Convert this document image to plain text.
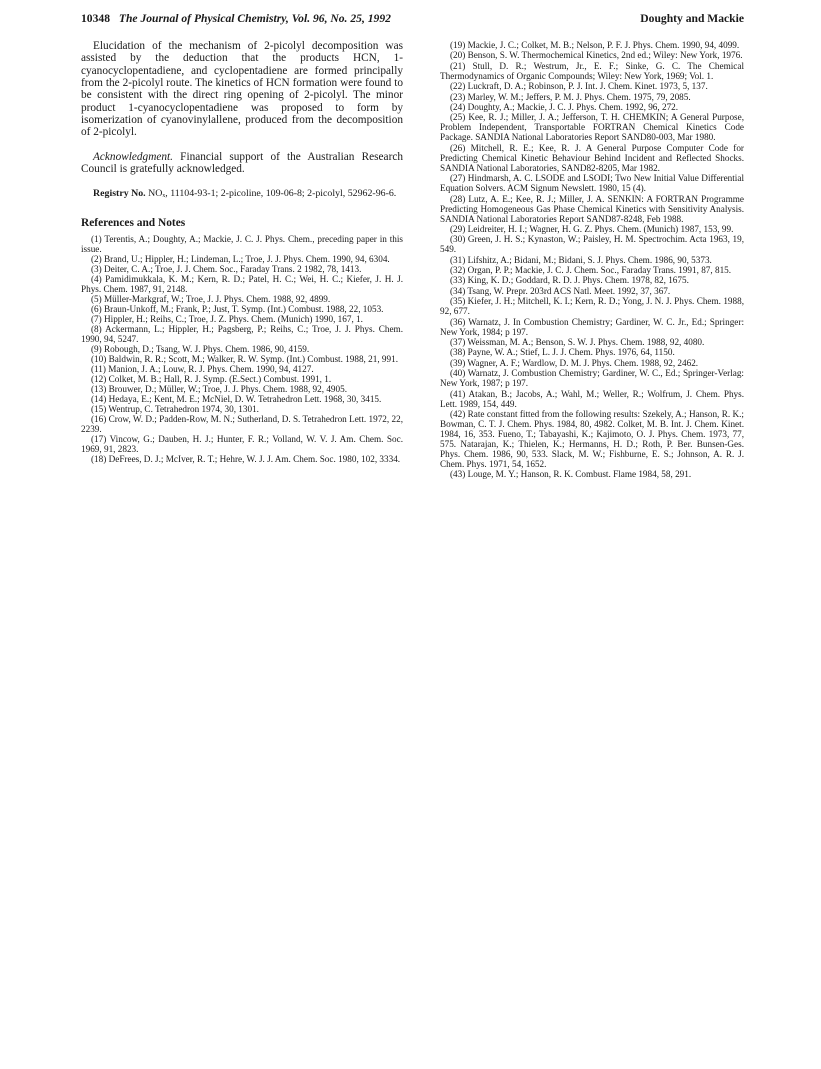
10348 The Journal of Physical Chemistry, Vol. 96, No. 25, 1992	Doughty and Mackie

Elucidation of the mechanism of 2-picolyl decomposition was assisted by the deduction that the products HCN, 1-cyanocyclopentadiene, and cyclopentadiene are formed principally from the 2-picolyl route. The kinetics of HCN formation were found to be consistent with the direct ring opening of 2-picolyl. The minor product 1-cyanocyclopentadiene was proposed to form by isomerization of cyanovinylallene, produced from the decomposition of 2-picolyl.

Acknowledgment. Financial support of the Australian Research Council is gratefully acknowledged.

Registry No. NOₓ, 11104-93-1; 2-picoline, 109-06-8; 2-picolyl, 52962-96-6.

References and Notes
(1) Terentis, A.; Doughty, A.; Mackie, J. C. J. Phys. Chem., preceding paper in this issue.
(2) Brand, U.; Hippler, H.; Lindeman, L.; Troe, J. J. Phys. Chem. 1990, 94, 6304.
(3) Deiter, C. A.; Troe, J. J. Chem. Soc., Faraday Trans. 2 1982, 78, 1413.
(4) Pamidimukkala, K. M.; Kern, R. D.; Patel, H. C.; Wei, H. C.; Kiefer, J. H. J. Phys. Chem. 1987, 91, 2148.
(5) Müller-Markgraf, W.; Troe, J. J. Phys. Chem. 1988, 92, 4899.
(6) Braun-Unkoff, M.; Frank, P.; Just, T. Symp. (Int.) Combust. 1988, 22, 1053.
(7) Hippler, H.; Reihs, C.; Troe, J. Z. Phys. Chem. (Munich) 1990, 167, 1.
(8) Ackermann, L.; Hippler, H.; Pagsberg, P.; Reihs, C.; Troe, J. J. Phys. Chem. 1990, 94, 5247.
(9) Robough, D.; Tsang, W. J. Phys. Chem. 1986, 90, 4159.
(10) Baldwin, R. R.; Scott, M.; Walker, R. W. Symp. (Int.) Combust. 1988, 21, 991.
(11) Manion, J. A.; Louw, R. J. Phys. Chem. 1990, 94, 4127.
(12) Colket, M. B.; Hall, R. J. Symp. (E.Sect.) Combust. 1991, 1.
(13) Brouwer, D.; Müller, W.; Troe, J. J. Phys. Chem. 1988, 92, 4905.
(14) Hedaya, E.; Kent, M. E.; McNiel, D. W. Tetrahedron Lett. 1968, 30, 3415.
(15) Wentrup, C. Tetrahedron 1974, 30, 1301.
(16) Crow, W. D.; Padden-Row, M. N.; Sutherland, D. S. Tetrahedron Lett. 1972, 22, 2239.
(17) Vincow, G.; Dauben, H. J.; Hunter, F. R.; Volland, W. V. J. Am. Chem. Soc. 1969, 91, 2823.
(18) DeFrees, D. J.; McIver, R. T.; Hehre, W. J. J. Am. Chem. Soc. 1980, 102, 3334.
(19) Mackie, J. C.; Colket, M. B.; Nelson, P. F. J. Phys. Chem. 1990, 94, 4099.
(20) Benson, S. W. Thermochemical Kinetics, 2nd ed.; Wiley: New York, 1976.
(21) Stull, D. R.; Westrum, Jr., E. F.; Sinke, G. C. The Chemical Thermodynamics of Organic Compounds; Wiley: New York, 1969; Vol. 1.
(22) Luckraft, D. A.; Robinson, P. J. Int. J. Chem. Kinet. 1973, 5, 137.
(23) Marley, W. M.; Jeffers, P. M. J. Phys. Chem. 1975, 79, 2085.
(24) Doughty, A.; Mackie, J. C. J. Phys. Chem. 1992, 96, 272.
(25) Kee, R. J.; Miller, J. A.; Jefferson, T. H. CHEMKIN; A General Purpose, Problem Independent, Transportable FORTRAN Chemical Kinetics Code Package. SANDIA National Laboratories Report SAND80-003, Mar 1980.
(26) Mitchell, R. E.; Kee, R. J. A General Purpose Computer Code for Predicting Chemical Kinetic Behaviour Behind Incident and Reflected Shocks. SANDIA National Laboratories, SAND82-8205, Mar 1982.
(27) Hindmarsh, A. C. LSODE and LSODI; Two New Initial Value Differential Equation Solvers. ACM Signum Newslett. 1980, 15 (4).
(28) Lutz, A. E.; Kee, R. J.; Miller, J. A. SENKIN: A FORTRAN Programme Predicting Homogeneous Gas Phase Chemical Kinetics with Sensitivity Analysis. SANDIA National Laboratories Report SAND87-8248, Feb 1988.
(29) Leidreiter, H. I.; Wagner, H. G. Z. Phys. Chem. (Munich) 1987, 153, 99.
(30) Green, J. H. S.; Kynaston, W.; Paisley, H. M. Spectrochim. Acta 1963, 19, 549.
(31) Lifshitz, A.; Bidani, M.; Bidani, S. J. Phys. Chem. 1986, 90, 5373.
(32) Organ, P. P.; Mackie, J. C. J. Chem. Soc., Faraday Trans. 1991, 87, 815.
(33) King, K. D.; Goddard, R. D. J. Phys. Chem. 1978, 82, 1675.
(34) Tsang, W. Prepr. 203rd ACS Natl. Meet. 1992, 37, 367.
(35) Kiefer, J. H.; Mitchell, K. I.; Kern, R. D.; Yong, J. N. J. Phys. Chem. 1988, 92, 677.
(36) Warnatz, J. In Combustion Chemistry; Gardiner, W. C. Jr., Ed.; Springer: New York, 1984; p 197.
(37) Weissman, M. A.; Benson, S. W. J. Phys. Chem. 1988, 92, 4080.
(38) Payne, W. A.; Stief, L. J. J. Chem. Phys. 1976, 64, 1150.
(39) Wagner, A. F.; Wardlow, D. M. J. Phys. Chem. 1988, 92, 2462.
(40) Warnatz, J. Combustion Chemistry; Gardiner, W. C., Ed.; Springer-Verlag: New York, 1987; p 197.
(41) Atakan, B.; Jacobs, A.; Wahl, M.; Weller, R.; Wolfrum, J. Chem. Phys. Lett. 1989, 154, 449.
(42) Rate constant fitted from the following results: Szekely, A.; Hanson, R. K.; Bowman, C. T. J. Chem. Phys. 1984, 80, 4982. Colket, M. B. Int. J. Chem. Kinet. 1984, 16, 353. Fueno, T.; Tabayashi, K.; Kajimoto, O. J. Phys. Chem. 1973, 77, 575. Natarajan, K.; Thielen, K.; Hermanns, H. D.; Roth, P. Ber. Bunsen-Ges. Phys. Chem. 1986, 90, 533. Slack, M. W.; Fishburne, E. S.; Johnson, A. R. J. Chem. Phys. 1971, 54, 1652.
(43) Louge, M. Y.; Hanson, R. K. Combust. Flame 1984, 58, 291.
